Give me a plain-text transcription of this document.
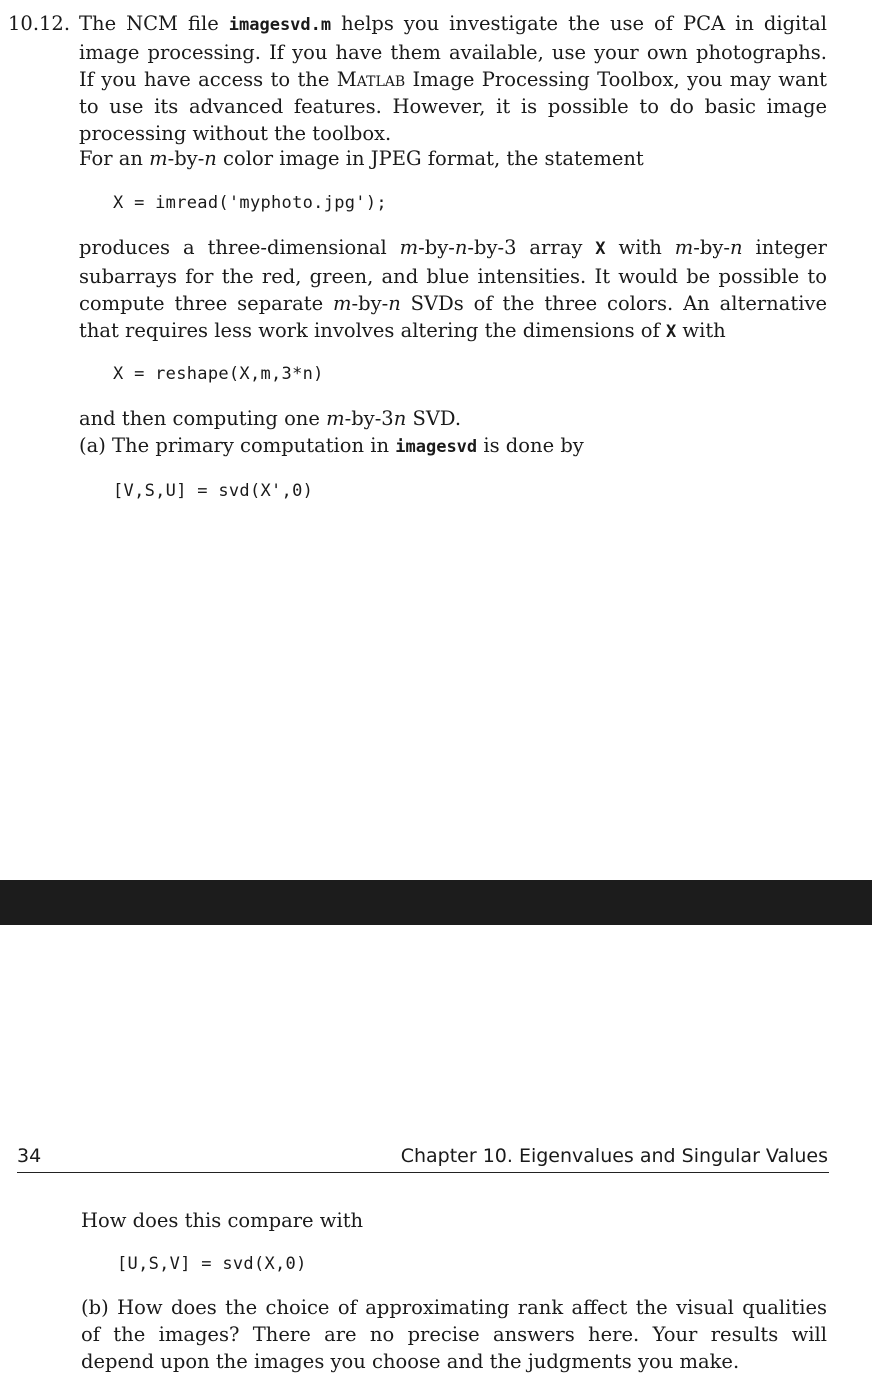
10.12. The NCM file imagesvd.m helps you investigate the use of PCA in digital image processing. If you have them available, use your own photographs. If you have access to the Matlab Image Processing Toolbox, you may want to use its advanced features. However, it is possible to do basic image processing without the toolbox.

For an m-by-n color image in JPEG format, the statement

X = imread('myphoto.jpg');

produces a three-dimensional m-by-n-by-3 array X with m-by-n integer subarrays for the red, green, and blue intensities. It would be possible to compute three separate m-by-n SVDs of the three colors. An alternative that requires less work involves altering the dimensions of X with

X = reshape(X,m,3*n)

and then computing one m-by-3n SVD.

(a) The primary computation in imagesvd is done by

[V,S,U] = svd(X',0)
34	Chapter 10. Eigenvalues and Singular Values

How does this compare with

[U,S,V] = svd(X,0)

(b) How does the choice of approximating rank affect the visual qualities of the images? There are no precise answers here. Your results will depend upon the images you choose and the judgments you make.
